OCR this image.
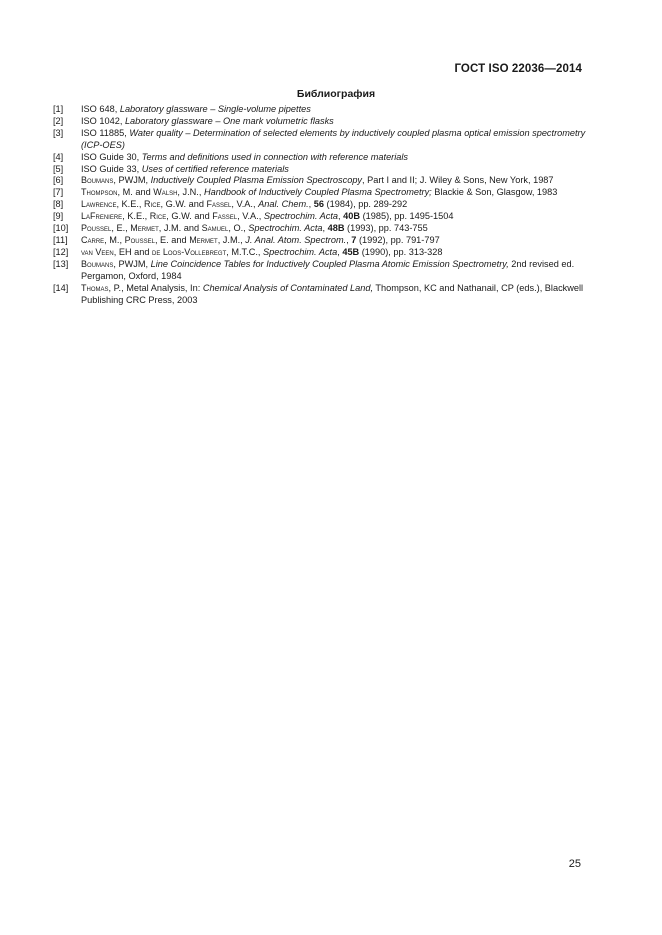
ГОСТ ISO 22036—2014
Библиография
[1]	ISO 648, Laboratory glassware – Single-volume pipettes
[2]	ISO 1042, Laboratory glassware – One mark volumetric flasks
[3]	ISO 11885, Water quality – Determination of selected elements by inductively coupled plasma optical emission spectrometry (ICP-OES)
[4]	ISO Guide 30, Terms and definitions used in connection with reference materials
[5]	ISO Guide 33, Uses of certified reference materials
[6]	Boumans, PWJM, Inductively Coupled Plasma Emission Spectroscopy, Part I and II; J. Wiley & Sons, New York, 1987
[7]	Thompson, M. and Walsh, J.N., Handbook of Inductively Coupled Plasma Spectrometry; Blackie & Son, Glasgow, 1983
[8]	Lawrence, K.E., Rice, G.W. and Fassel, V.A., Anal. Chem., 56 (1984), pp. 289-292
[9]	LaFreniere, K.E., Rice, G.W. and Fassel, V.A., Spectrochim. Acta, 40B (1985), pp. 1495-1504
[10]	Poussel, E., Mermet, J.M. and Samuel, O., Spectrochim. Acta, 48B (1993), pp. 743-755
[11]	Carre, M., Poussel, E. and Mermet, J.M., J. Anal. Atom. Spectrom., 7 (1992), pp. 791-797
[12]	van Veen, EH and de Loos-Vollebregt, M.T.C., Spectrochim. Acta, 45B (1990), pp. 313-328
[13]	Boumans, PWJM, Line Coincidence Tables for Inductively Coupled Plasma Atomic Emission Spectrometry, 2nd revised ed. Pergamon, Oxford, 1984
[14]	Thomas, P., Metal Analysis, In: Chemical Analysis of Contaminated Land, Thompson, KC and Nathanail, CP (eds.), Blackwell Publishing CRC Press, 2003
25
